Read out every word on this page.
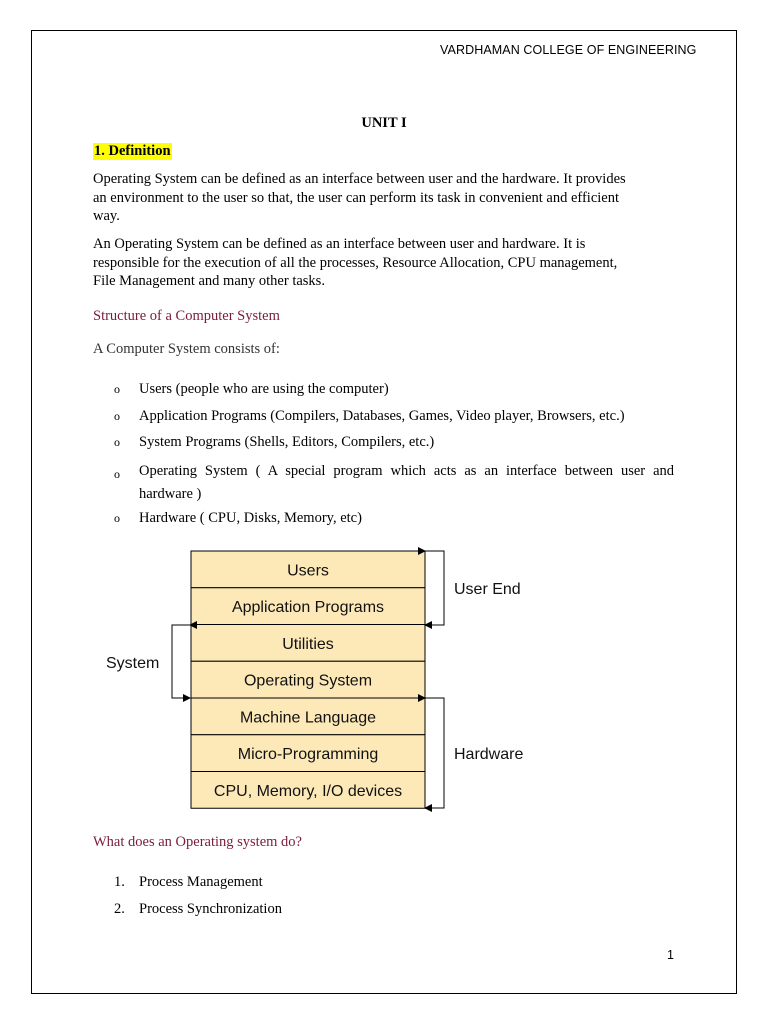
VARDHAMAN COLLEGE OF ENGINEERING
UNIT I
1. Definition
Operating System can be defined as an interface between user and the hardware. It provides
an environment to the user so that, the user can perform its task in convenient and efficient
way.
An Operating System can be defined as an interface between user and hardware. It is
responsible for the execution of all the processes, Resource Allocation, CPU management,
File Management and many other tasks.
Structure of a Computer System
A Computer System consists of:
o Users (people who are using the computer)
o Application Programs (Compilers, Databases, Games, Video player, Browsers, etc.)
o System Programs (Shells, Editors, Compilers, etc.)
o Operating System ( A special program which acts as an interface between user and hardware )
o Hardware ( CPU, Disks, Memory, etc)
Users
Application Programs
Utilities
Operating System
Machine Language
Micro-Programming
CPU, Memory, I/O devices
User End
System
Hardware
What does an Operating system do?
1. Process Management
2. Process Synchronization
1
